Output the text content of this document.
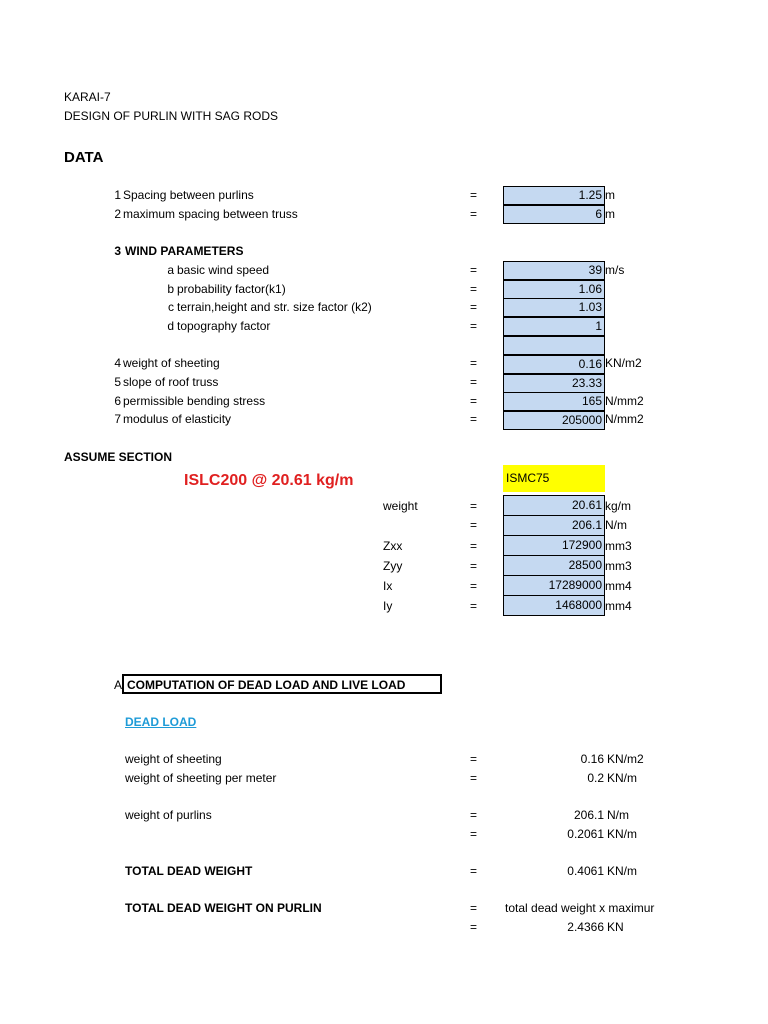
KARAI-7
DESIGN OF PURLIN WITH SAG RODS
DATA
1 Spacing between purlins	=	1.25 m
2 maximum spacing between truss	=	6 m
3 WIND PARAMETERS
a basic wind speed	=	39 m/s
b probability factor(k1)	=	1.06
c terrain,height and str. size factor (k2)	=	1.03
d topography factor	=	1
4 weight of sheeting	=	0.16 KN/m2
5 slope of roof truss	=	23.33
6 permissible bending stress	=	165 N/mm2
7 modulus of elasticity	=	205000 N/mm2
ASSUME SECTION
ISLC200 @ 20.61 kg/m	ISMC75
weight	=	20.61 kg/m
=	206.1 N/m
Zxx	=	172900 mm3
Zyy	=	28500 mm3
Ix	=	17289000 mm4
Iy	=	1468000 mm4
A COMPUTATION OF DEAD LOAD AND LIVE LOAD
DEAD LOAD
weight of sheeting	=	0.16 KN/m2
weight of sheeting per meter	=	0.2 KN/m
weight of purlins	=	206.1 N/m
=	0.2061 KN/m
TOTAL DEAD WEIGHT	=	0.4061 KN/m
TOTAL DEAD WEIGHT ON PURLIN	= total dead weight x maximur
=	2.4366 KN
